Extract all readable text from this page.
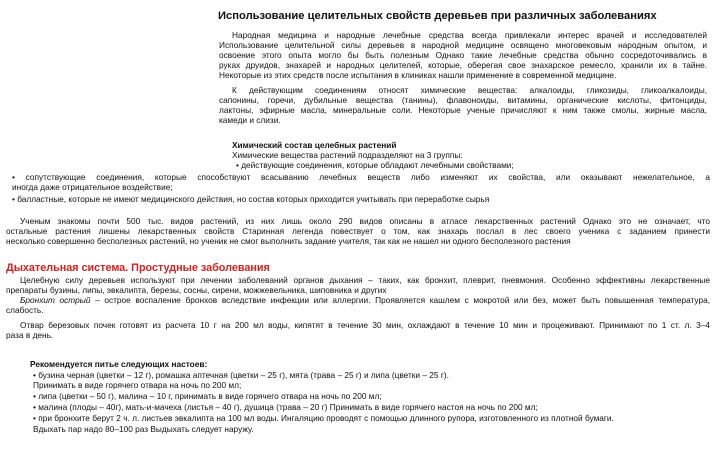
Использование целительных свойств деревьев при различных заболеваниях
Народная медицина и народные лечебные средства всегда привлекали интерес врачей и исследователей
Использование целительной силы деревьев в народной медицине освящено многовековым народным опытом, и
освоение этого опыта могло бы быть полезным Однако такие лечебные средства обычно сосредоточивались в
руках друидов, знахарей и народных целителей, которые, оберегая свое знахарское ремесло, хранили их в тайне.
Некоторые из этих средств после испытания в клиниках нашли применение в современной медицине.
К действующим соединениям относят химические вещества: алкалоиды, гликозиды, гликоалкалоиды,
сапонины, горечи, дубильные вещества (танины), флавоноиды, витамины, органические кислоты, фитонциды,
лактоны, эфирные масла, минеральные соли. Некоторые ученые причисляют к ним также смолы, жирные масла,
камеди и слизи.
Химический состав целебных растений
Химические вещества растений подразделяют на 3 группы:
• действующие соединения, которые обладают лечебными свойствами;
• сопутствующие соединения, которые способствуют всасыванию лечебных веществ либо изменяют их свойства, или оказывают нежелательное, а
иногда даже отрицательное воздействие;
• балластные, которые не имеют медицинского действия, но состав которых приходится учитывать при переработке сырья
Ученым знакомы почти 500 тыс. видов растений, из них лишь около 290 видов описаны в атласе лекарственных растений Однако это не означает, что
остальные растения лишены лекарственных свойств Старинная легенда повествует о том, как знахарь послал в лес своего ученика с заданием принести
несколько совершенно бесполезных растений, но ученик не смог выполнить задание учителя, так как не нашел ни одного бесполезного растения
Дыхательная система. Простудные заболевания
Целебную силу деревьев используют при лечении заболеваний органов дыхания – таких, как бронхит, плеврит, пневмония. Особенно эффективны лекарственные
препараты бузины, липы, эвкалипта, березы, сосны, сирени, можжевельника, шиповника и других
Бронхит острый – острое воспаление бронхов вследствие инфекции или аллергии. Проявляется кашлем с мокротой или без, может быть повышенная температура,
слабость.
Отвар березовых почек готовят из расчета 10 г на 200 мл воды, кипятят в течение 30 мин, охлаждают в течение 10 мин и процеживают. Принимают по 1 ст. л. 3–4
раза в день.
Рекомендуется питье следующих настоев:
• бузина черная (цветки – 12 г), ромашка аптечная (цветки – 25 г), мята (трава – 25 г) и липа (цветки – 25 г).
Принимать в виде горячего отвара на ночь по 200 мл;
• липа (цветки – 50 г), малина – 10 г, принимать в виде горячего отвара на ночь по 200 мл;
• малина (плоды – 40г), мать-и-мачеха (листья – 40 г), душица (трава – 20 г) Принимать в виде горячего настоя на ночь по 200 мл;
• при бронхите берут 2 ч. л. листьев эвкалипта на 100 мл воды. Ингаляцию проводят с помощью длинного рупора, изготовленного из плотной бумаги.
Вдыхать пар надо 80–100 раз Выдыхать следует наружу.
